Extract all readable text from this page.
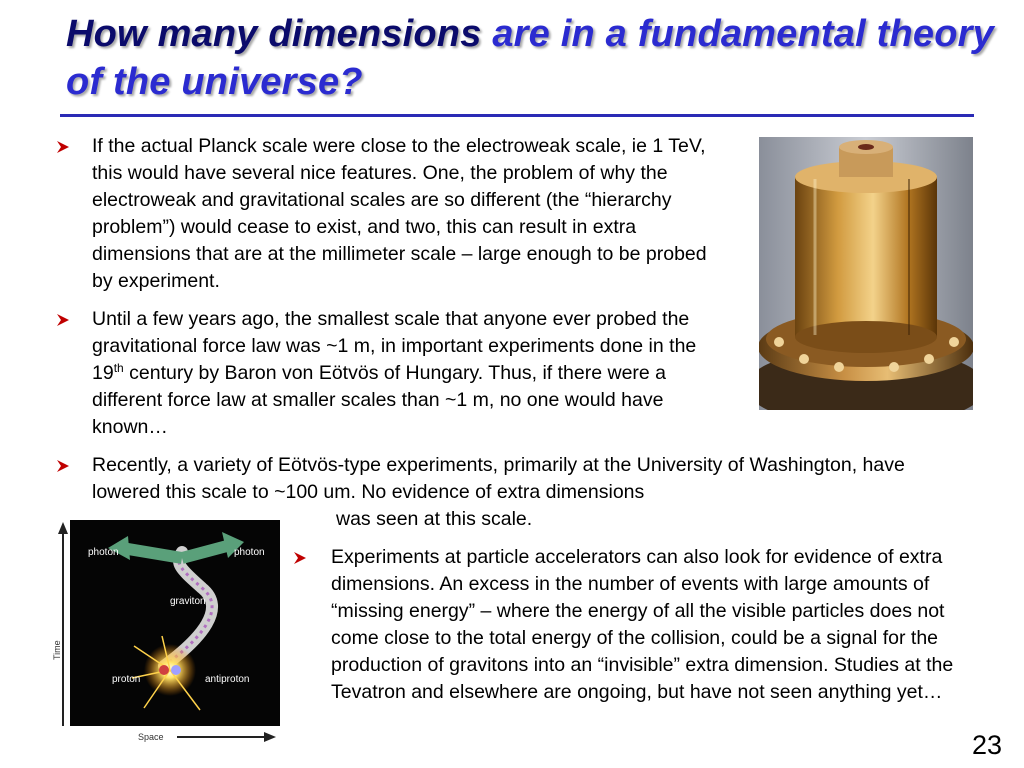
How many dimensions are in a fundamental theory of the universe?
If the actual Planck scale were close to the electroweak scale, ie 1 TeV, this would have several nice features. One, the problem of why the electroweak and gravitational scales are so different (the “hierarchy problem”) would cease to exist, and two, this can result in extra dimensions that are at the millimeter scale – large enough to be probed by experiment.
Until a few years ago, the smallest scale that anyone ever probed the gravitational force law was ~1 m, in important experiments done in the 19th century by Baron von Eötvös of Hungary. Thus, if there were a different force law at smaller scales than ~1 m, no one would have known…
Recently, a variety of Eötvös-type experiments, primarily at the University of Washington, have lowered this scale to ~100 um. No evidence of extra dimensions
was seen at this scale.
Experiments at particle accelerators can also look for evidence of extra dimensions. An excess in the number of events with large amounts of “missing energy” – where the energy of all the visible particles does not come close to the total energy of the collision, could be a signal for the production of gravitons into an “invisible” extra dimension. Studies at the Tevatron and elsewhere are ongoing, but have not seen anything yet…
Time
Space
photon	photon
graviton
proton	antiproton
23
